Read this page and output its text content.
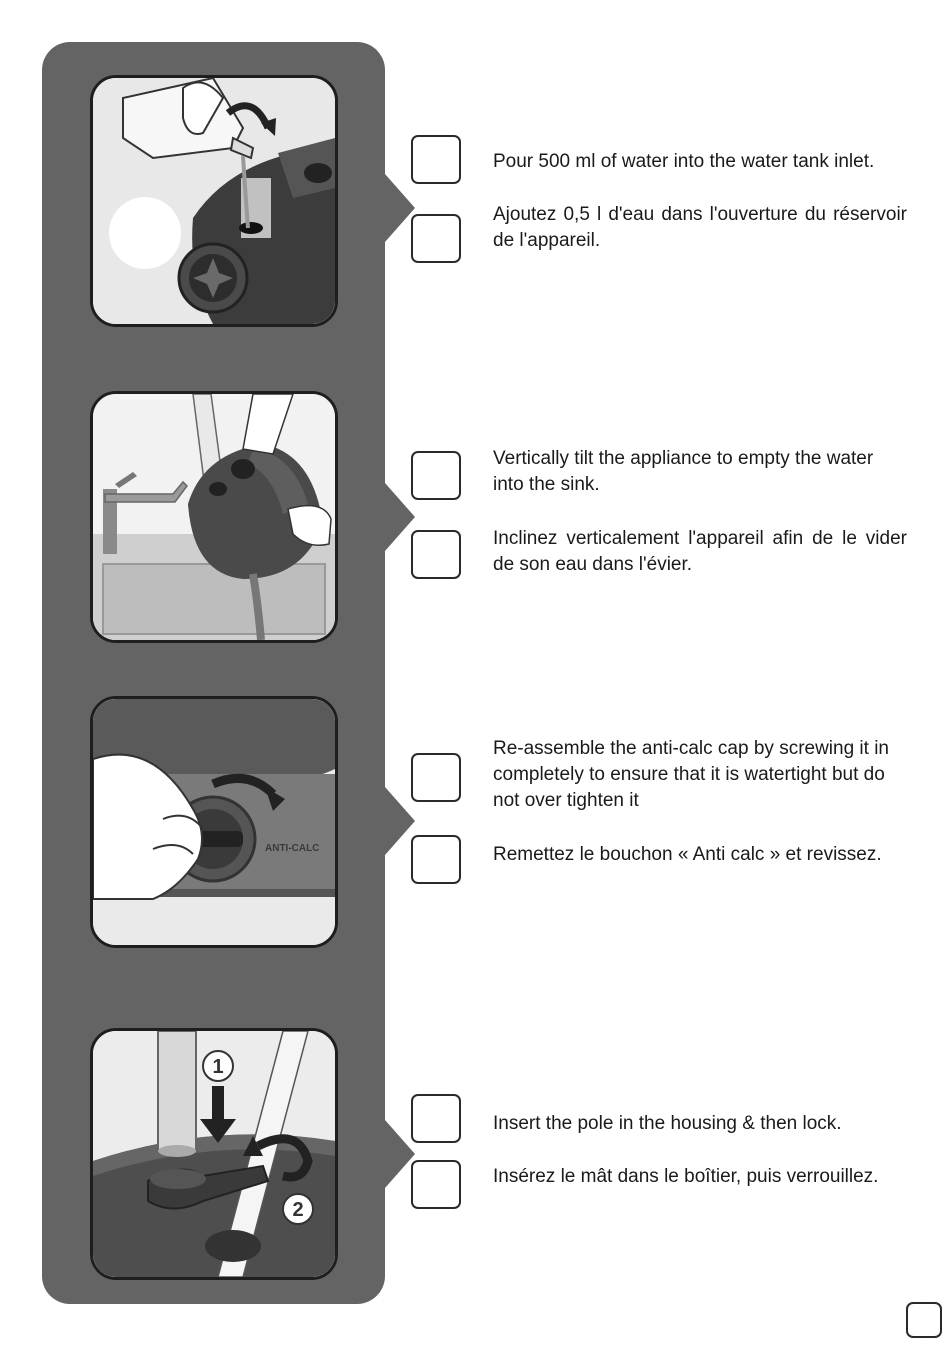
ANTI-CALC
1
2

Pour 500 ml of water into the water tank inlet.

Ajoutez 0,5 l d'eau dans l'ouverture du réservoir de l'appareil.

Vertically tilt the appliance to empty the water into the sink.

Inclinez verticalement l'appareil afin de le vider de son eau dans l'évier.

Re-assemble the anti-calc cap by screwing it in completely to ensure that it is watertight but do not over tighten it

Remettez le bouchon « Anti calc » et revissez.

Insert the pole in the housing & then lock.

Insérez le mât dans le boîtier, puis verrouillez.
